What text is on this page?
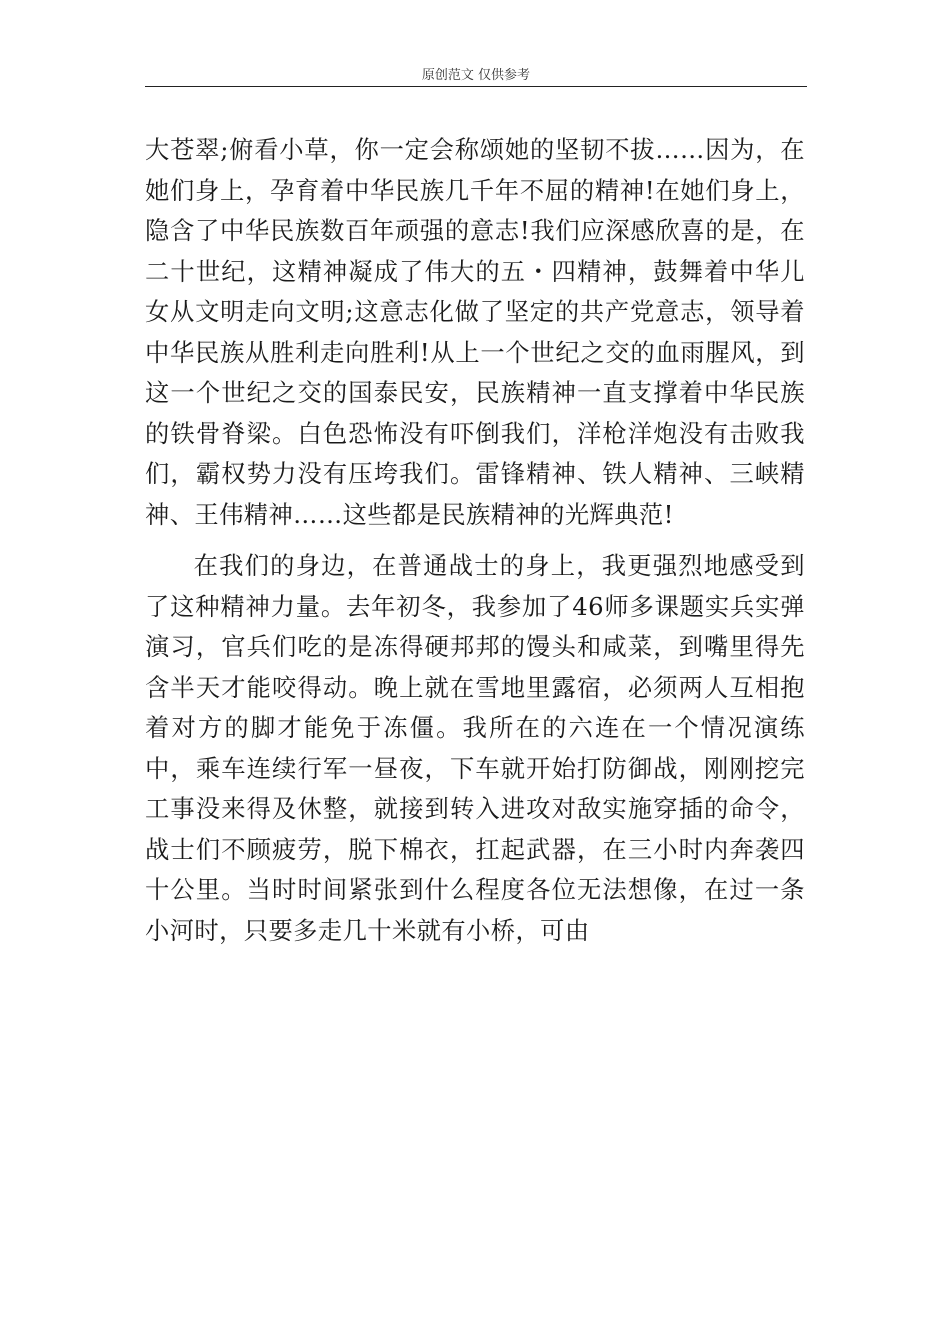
原创范文 仅供参考

大苍翠;俯看小草，你一定会称颂她的坚韧不拔……因为，在她们身上，孕育着中华民族几千年不屈的精神!在她们身上，隐含了中华民族数百年顽强的意志!我们应深感欣喜的是，在二十世纪，这精神凝成了伟大的五・四精神，鼓舞着中华儿女从文明走向文明;这意志化做了坚定的共产党意志，领导着中华民族从胜利走向胜利!从上一个世纪之交的血雨腥风，到这一个世纪之交的国泰民安，民族精神一直支撑着中华民族的铁骨脊梁。白色恐怖没有吓倒我们，洋枪洋炮没有击败我们，霸权势力没有压垮我们。雷锋精神、铁人精神、三峡精神、王伟精神……这些都是民族精神的光辉典范!

在我们的身边，在普通战士的身上，我更强烈地感受到了这种精神力量。去年初冬，我参加了46师多课题实兵实弹演习，官兵们吃的是冻得硬邦邦的馒头和咸菜，到嘴里得先含半天才能咬得动。晚上就在雪地里露宿，必须两人互相抱着对方的脚才能免于冻僵。我所在的六连在一个情况演练中，乘车连续行军一昼夜，下车就开始打防御战，刚刚挖完工事没来得及休整，就接到转入进攻对敌实施穿插的命令，战士们不顾疲劳，脱下棉衣，扛起武器，在三小时内奔袭四十公里。当时时间紧张到什么程度各位无法想像，在过一条小河时，只要多走几十米就有小桥，可由
